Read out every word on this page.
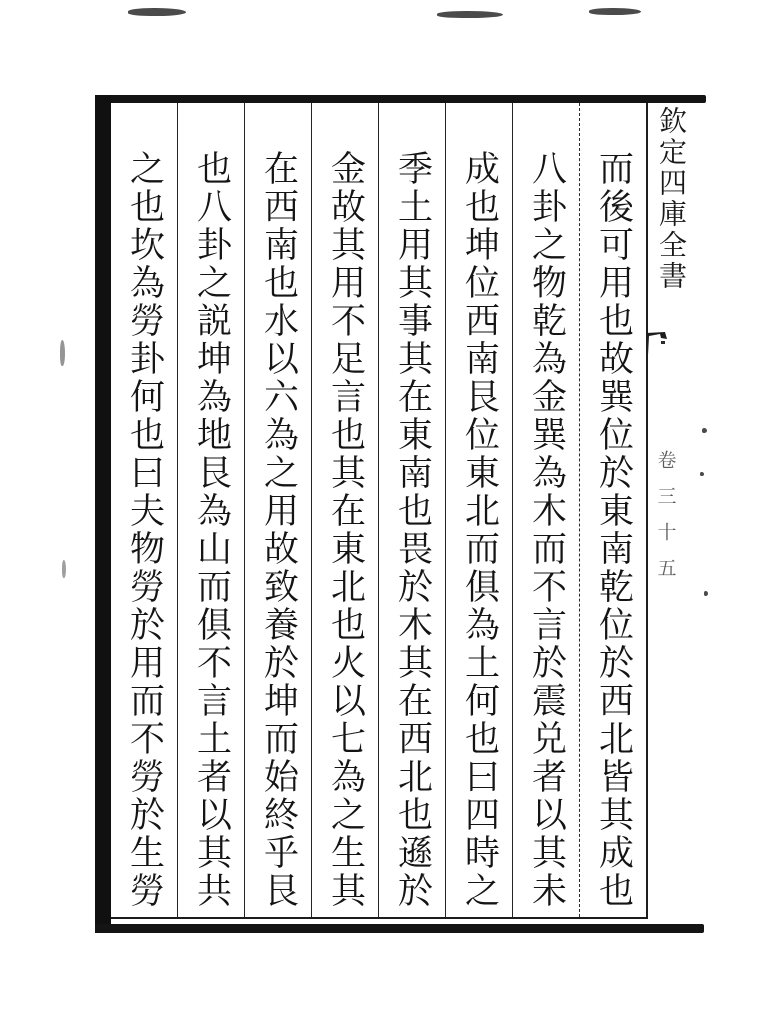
而後可用也故巽位於東南乾位於西北皆其成也
八卦之物乾為金巽為木而不言於震兑者以其未
成也坤位西南艮位東北而俱為土何也曰四時之
季土用其事其在東南也畏於木其在西北也遜於
金故其用不足言也其在東北也火以七為之生其
在西南也水以六為之用故致養於坤而始終乎艮
也八卦之説坤為地艮為山而俱不言土者以其共
之也坎為勞卦何也曰夫物勞於用而不勞於生勞	欽定四庫全書
卷三十五
